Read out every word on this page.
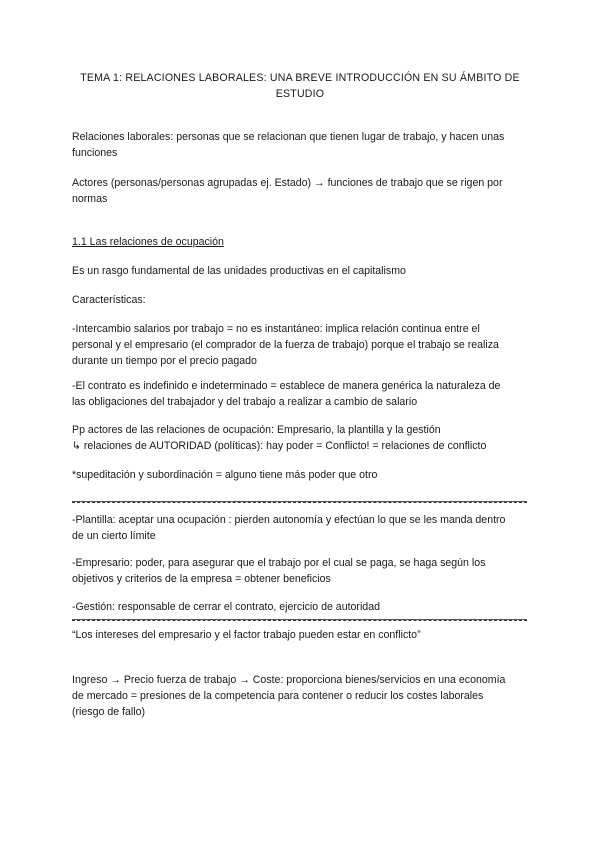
TEMA 1: RELACIONES LABORALES: UNA BREVE INTRODUCCIÓN EN SU ÁMBITO DE
ESTUDIO
Relaciones laborales: personas que se relacionan que tienen lugar de trabajo, y hacen unas
funciones
Actores (personas/personas agrupadas ej. Estado) → funciones de trabajo que se rigen por
normas
1.1 Las relaciones de ocupación
Es un rasgo fundamental de las unidades productivas en el capitalismo
Características:
-Intercambio salarios por trabajo = no es instantáneo: implica relación continua entre el
personal y el empresario (el comprador de la fuerza de trabajo) porque el trabajo se realiza
durante un tiempo por el precio pagado
-El contrato es indefinido e indeterminado = establece de manera genérica la naturaleza de
las obligaciones del trabajador y del trabajo a realizar a cambio de salario
Pp actores de las relaciones de ocupación: Empresario, la plantilla y la gestión
↳ relaciones de AUTORIDAD (políticas): hay poder = Conflicto! = relaciones de conflicto
*supeditación y subordinación = alguno tiene más poder que otro
-Plantilla: aceptar una ocupación : pierden autonomía y efectúan lo que se les manda dentro
de un cierto límite
-Empresario: poder, para asegurar que el trabajo por el cual se paga, se haga según los
objetivos y criterios de la empresa = obtener beneficios
-Gestión: responsable de cerrar el contrato, ejercicio de autoridad
“Los intereses del empresario y el factor trabajo pueden estar en conflicto”
Ingreso → Precio fuerza de trabajo → Coste: proporciona bienes/servicios en una economía
de mercado = presiones de la competencia para contener o reducir los costes laborales
(riesgo de fallo)
